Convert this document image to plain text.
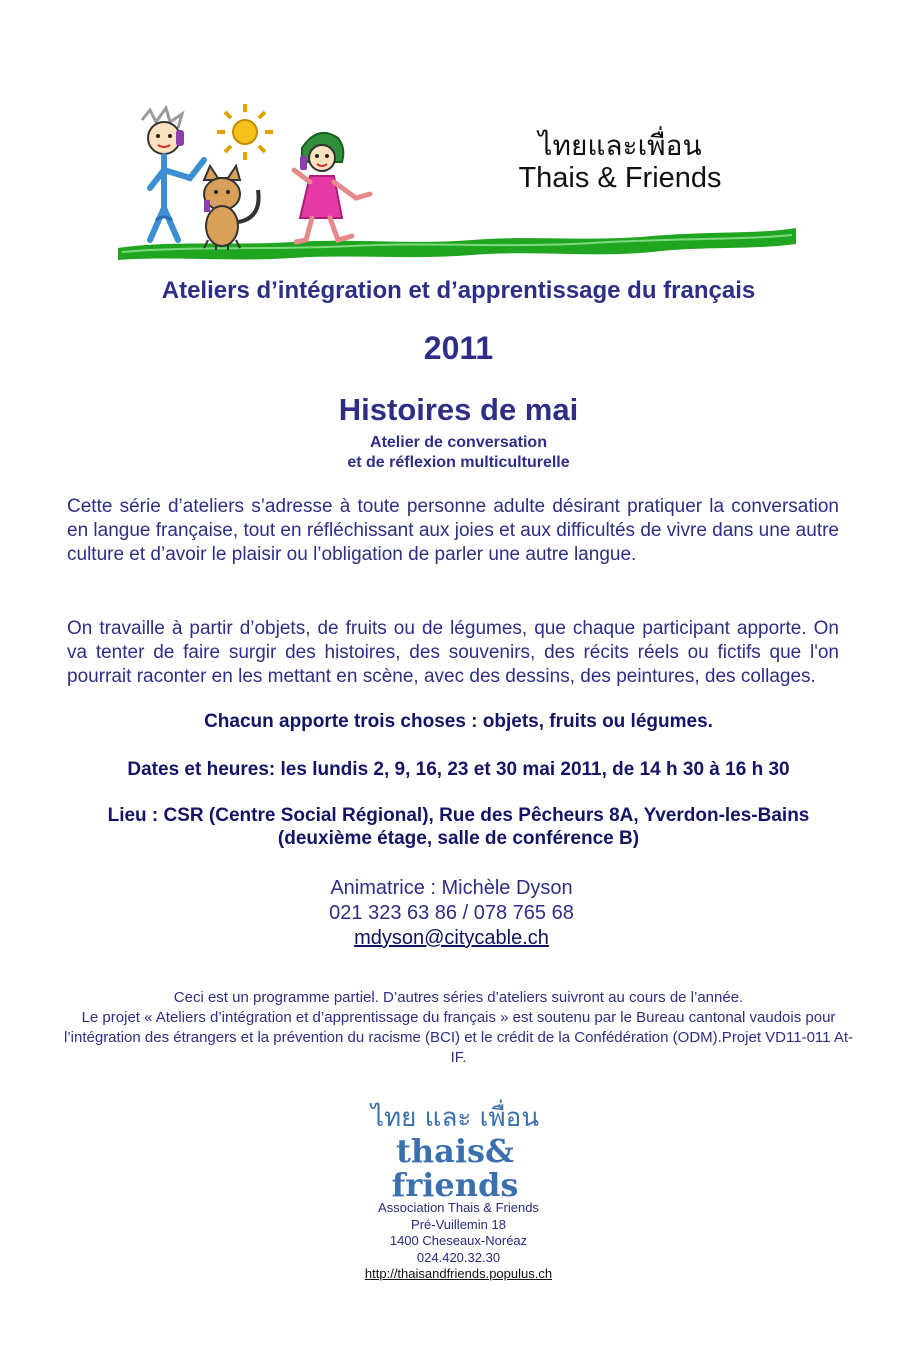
ไทยและเพื่อน
Thais & Friends
Ateliers d’intégration et d’apprentissage du français
2011
Histoires de mai
Atelier de conversation
et de réflexion multiculturelle
Cette série d’ateliers s’adresse à toute personne adulte désirant pratiquer la conversation en langue française, tout en réfléchissant aux joies et aux difficultés de vivre dans une autre culture et d’avoir le plaisir ou l’obligation de parler une autre langue.
On travaille à partir d’objets, de fruits ou de légumes, que chaque participant apporte. On va tenter de faire surgir des histoires, des souvenirs, des récits réels ou fictifs que l'on pourrait raconter en les mettant en scène, avec des dessins, des peintures, des collages.
Chacun apporte trois choses : objets, fruits ou légumes.
Dates et heures: les lundis 2, 9, 16, 23 et 30 mai 2011, de 14 h 30 à 16 h 30
Lieu : CSR (Centre Social Régional), Rue des Pêcheurs 8A, Yverdon-les-Bains
(deuxième étage, salle de conférence B)
Animatrice : Michèle Dyson
021 323 63 86 / 078 765 68
mdyson@citycable.ch
Ceci est un programme partiel. D’autres séries d’ateliers suivront au cours de l’année.
Le projet « Ateliers d’intégration et d’apprentissage du français » est soutenu par le Bureau cantonal vaudois pour l’intégration des étrangers et la prévention du racisme (BCI) et le crédit de la Confédération (ODM).Projet VD11-011 At-IF.
ไทย และ เพื่อน
thais&
friends
Association Thais & Friends
Pré-Vuillemin 18
1400 Cheseaux-Noréaz
024.420.32.30
http://thaisandfriends.populus.ch
